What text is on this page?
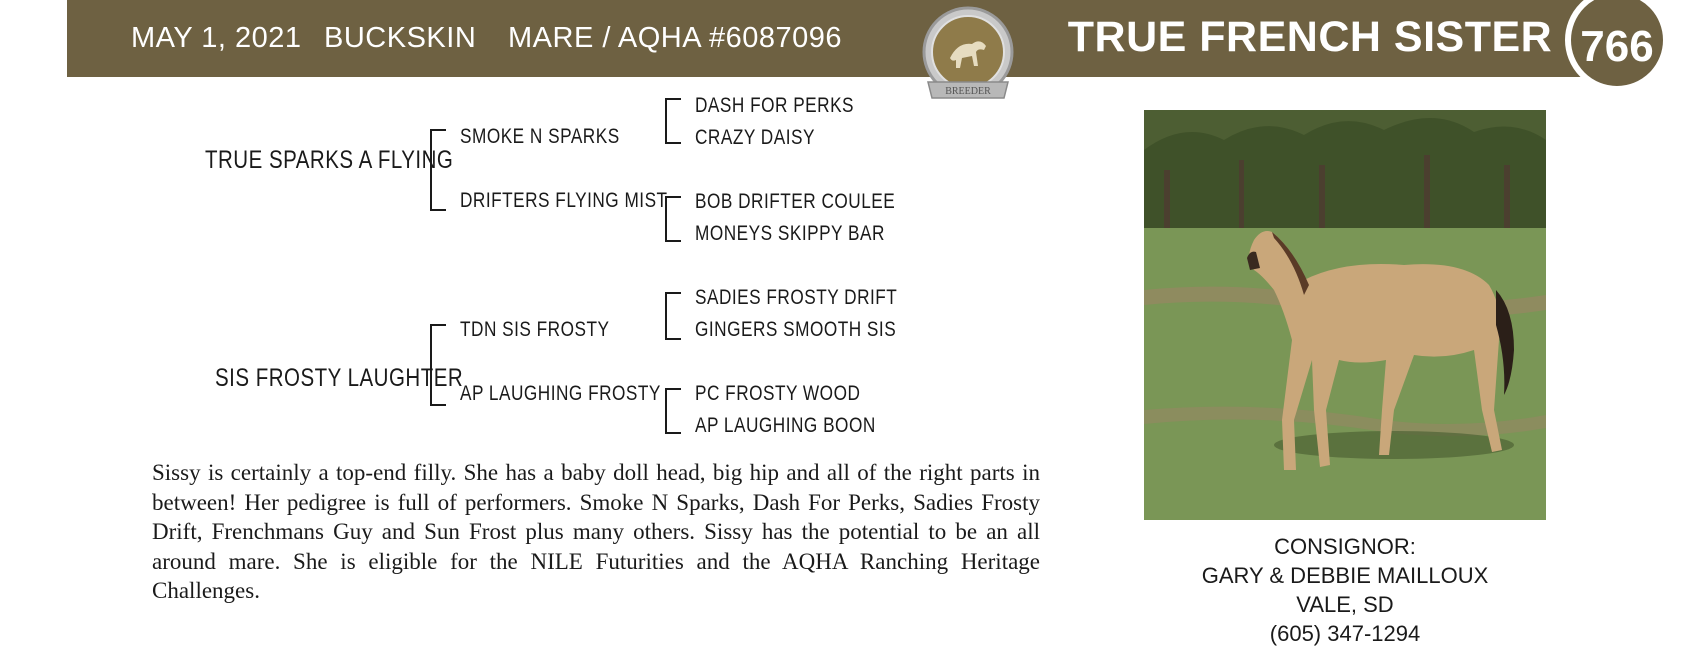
MAY 1, 2021 BUCKSKIN MARE / AQHA #6087096	TRUE FRENCH SISTER 766
BREEDER
TRUE SPARKS A FLYING
SMOKE N SPARKS
DRIFTERS FLYING MIST
DASH FOR PERKS
CRAZY DAISY
BOB DRIFTER COULEE
MONEYS SKIPPY BAR
SIS FROSTY LAUGHTER
TDN SIS FROSTY
AP LAUGHING FROSTY
SADIES FROSTY DRIFT
GINGERS SMOOTH SIS
PC FROSTY WOOD
AP LAUGHING BOON
Sissy is certainly a top-end filly. She has a baby doll head, big hip and all of the right parts in between! Her pedigree is full of performers. Smoke N Sparks, Dash For Perks, Sadies Frosty Drift, Frenchmans Guy and Sun Frost plus many others. Sissy has the potential to be an all around mare. She is eligible for the NILE Futurities and the AQHA Ranching Heritage Challenges.
CONSIGNOR:
GARY & DEBBIE MAILLOUX
VALE, SD
(605) 347-1294
